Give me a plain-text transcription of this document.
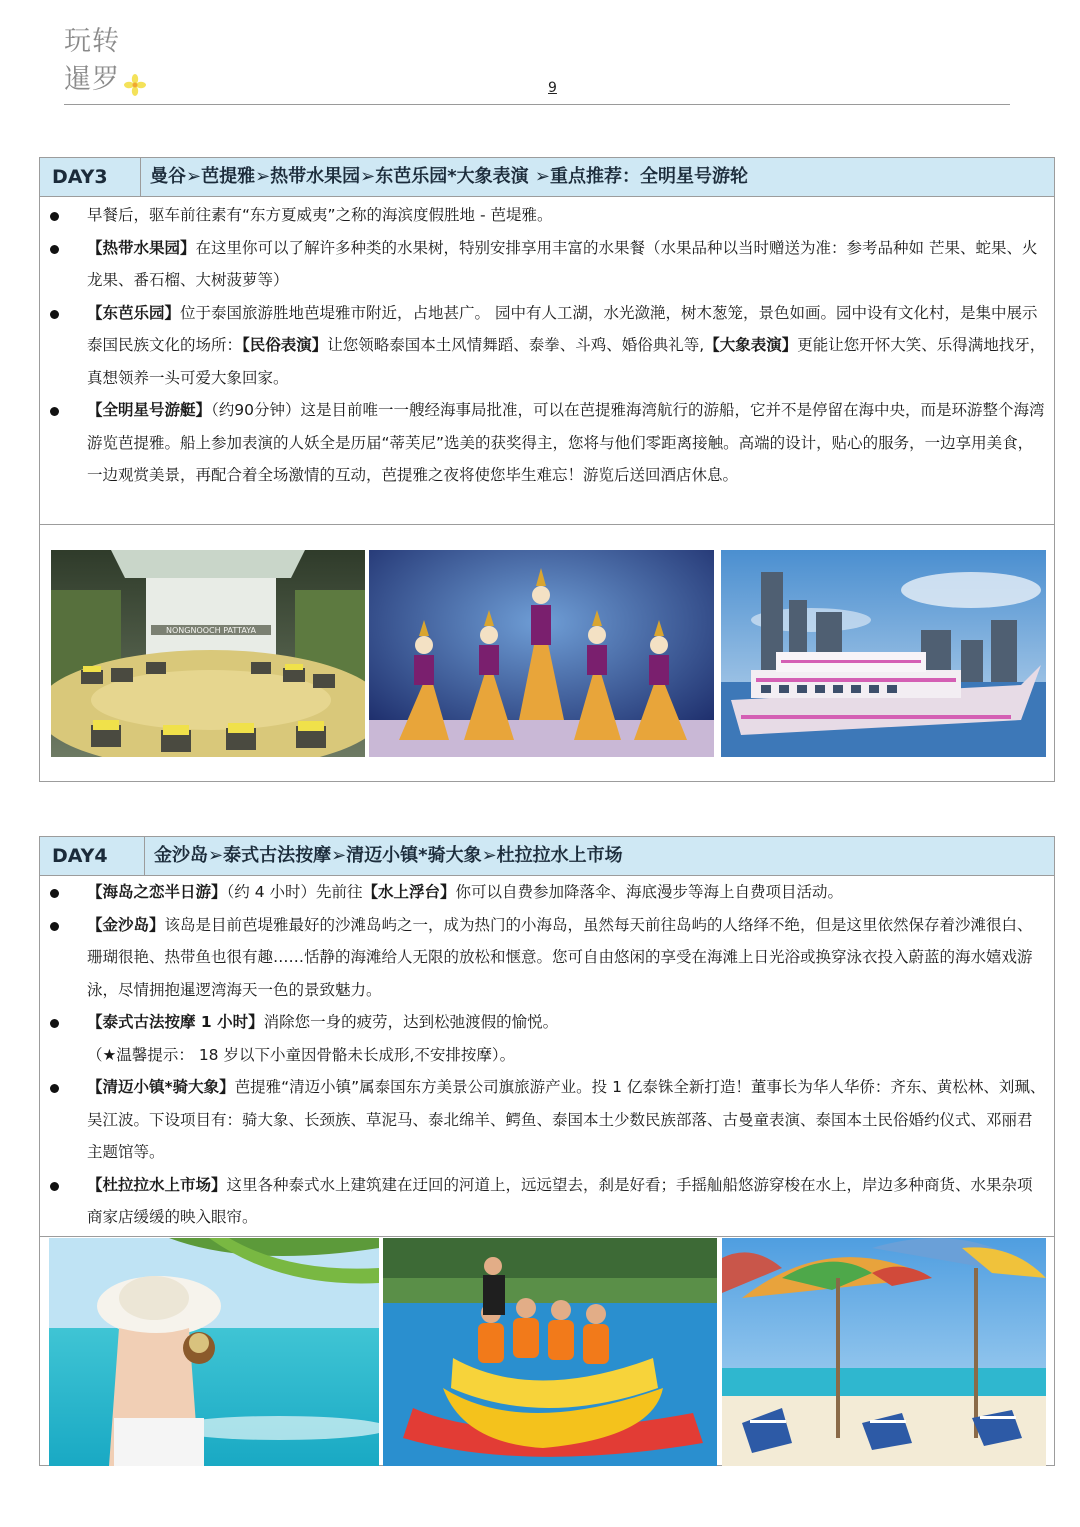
玩转
暹罗	9
DAY3 曼谷➢芭提雅➢热带水果园➢东芭乐园*大象表演 ➢重点推荐：全明星号游轮
早餐后，驱车前往素有“东方夏威夷”之称的海滨度假胜地 - 芭堤雅。
【热带水果园】在这里你可以了解许多种类的水果树，特别安排享用丰富的水果餐（水果品种以当时赠送为准：参考品种如 芒果、蛇果、火龙果、番石榴、大树菠萝等）
【东芭乐园】位于泰国旅游胜地芭堤雅市附近，占地甚广。 园中有人工湖，水光潋滟，树木葱笼，景色如画。园中设有文化村，是集中展示泰国民族文化的场所：【民俗表演】让您领略泰国本土风情舞蹈、泰拳、斗鸡、婚俗典礼等,【大象表演】更能让您开怀大笑、乐得满地找牙，真想领养一头可爱大象回家。
【全明星号游艇】（约90分钟）这是目前唯一一艘经海事局批准，可以在芭提雅海湾航行的游船，它并不是停留在海中央，而是环游整个海湾游览芭提雅。船上参加表演的人妖全是历届“蒂芙尼”选美的获奖得主，您将与他们零距离接触。高端的设计，贴心的服务，一边享用美食，一边观赏美景，再配合着全场激情的互动，芭提雅之夜将使您毕生难忘！游览后送回酒店休息。
NONGNOOCH PATTAYA
DAY4	金沙岛➢泰式古法按摩➢清迈小镇*骑大象➢杜拉拉水上市场
【海岛之恋半日游】（约 4 小时）先前往【水上浮台】你可以自费参加降落伞、海底漫步等海上自费项目活动。
【金沙岛】该岛是目前芭堤雅最好的沙滩岛屿之一，成为热门的小海岛，虽然每天前往岛屿的人络绎不绝，但是这里依然保存着沙滩很白、珊瑚很艳、热带鱼也很有趣……恬静的海滩给人无限的放松和惬意。您可自由悠闲的享受在海滩上日光浴或换穿泳衣投入蔚蓝的海水嬉戏游泳，尽情拥抱暹逻湾海天一色的景致魅力。
【泰式古法按摩 1 小时】消除您一身的疲劳，达到松弛渡假的愉悦。
（★温馨提示： 18 岁以下小童因骨骼未长成形,不安排按摩）。
【清迈小镇*骑大象】芭提雅“清迈小镇”属泰国东方美景公司旗旅游产业。投 1 亿泰铢全新打造！董事长为华人华侨：齐东、黄松林、刘珮、吴江波。下设项目有：骑大象、长颈族、草泥马、泰北绵羊、鳄鱼、泰国本土少数民族部落、古曼童表演、泰国本土民俗婚约仪式、邓丽君主题馆等。
【杜拉拉水上市场】这里各种泰式水上建筑建在迂回的河道上，远远望去，刹是好看；手摇舢船悠游穿梭在水上，岸边多种商货、水果杂项商家店缓缓的映入眼帘。
